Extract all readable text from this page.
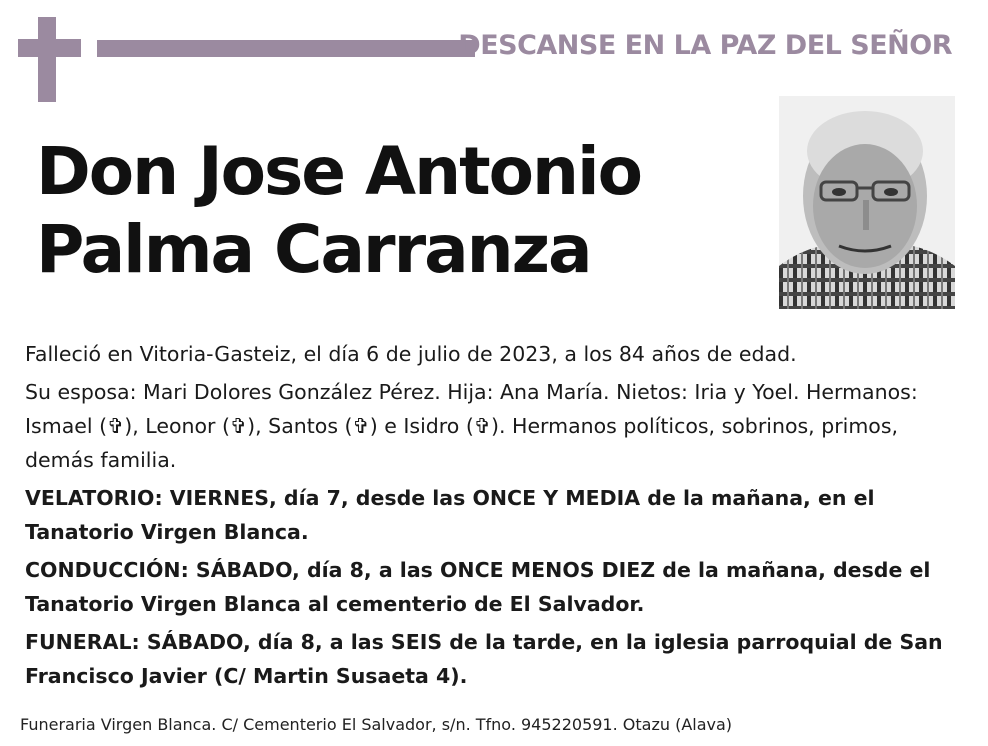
DESCANSE EN LA PAZ DEL SEÑOR
Don Jose Antonio
Palma Carranza

Falleció en Vitoria-Gasteiz, el día 6 de julio de 2023, a los 84 años de edad.

Su esposa: Mari Dolores González Pérez. Hija: Ana María. Nietos: Iria y Yoel. Hermanos: Ismael (✞), Leonor (✞), Santos (✞) e Isidro (✞). Hermanos políticos, sobrinos, primos, demás familia.

VELATORIO: VIERNES, día 7, desde las ONCE Y MEDIA de la mañana, en el Tanatorio Virgen Blanca.

CONDUCCIÓN: SÁBADO, día 8, a las ONCE MENOS DIEZ de la mañana, desde el Tanatorio Virgen Blanca al cementerio de El Salvador.

FUNERAL: SÁBADO, día 8, a las SEIS de la tarde, en la iglesia parroquial de San Francisco Javier (C/ Martin Susaeta 4).

Funeraria Virgen Blanca. C/ Cementerio El Salvador, s/n. Tfno. 945220591. Otazu (Alava)
